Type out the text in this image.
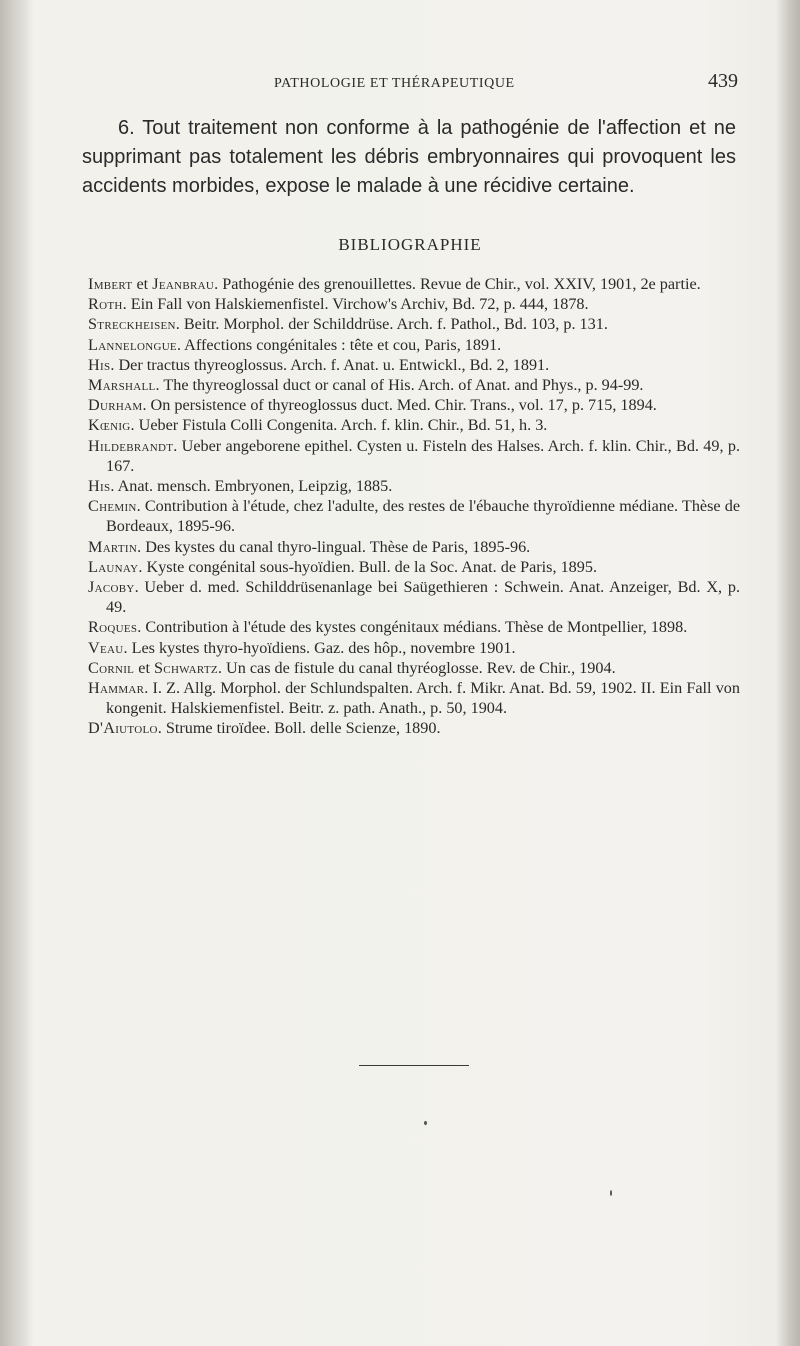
PATHOLOGIE ET THÉRAPEUTIQUE	439

6. Tout traitement non conforme à la pathogénie de l'affection et ne supprimant pas totalement les débris embryonnaires qui provoquent les accidents morbides, expose le malade à une récidive certaine.

BIBLIOGRAPHIE
Imbert et Jeanbrau. Pathogénie des grenouillettes. Revue de Chir., vol. XXIV, 1901, 2e partie.
Roth. Ein Fall von Halskiemenfistel. Virchow's Archiv, Bd. 72, p. 444, 1878.
Streckheisen. Beitr. Morphol. der Schilddrüse. Arch. f. Pathol., Bd. 103, p. 131.
Lannelongue. Affections congénitales : tête et cou, Paris, 1891.
His. Der tractus thyreoglossus. Arch. f. Anat. u. Entwickl., Bd. 2, 1891.
Marshall. The thyreoglossal duct or canal of His. Arch. of Anat. and Phys., p. 94-99.
Durham. On persistence of thyreoglossus duct. Med. Chir. Trans., vol. 17, p. 715, 1894.
Kœnig. Ueber Fistula Colli Congenita. Arch. f. klin. Chir., Bd. 51, h. 3.
Hildebrandt. Ueber angeborene epithel. Cysten u. Fisteln des Halses. Arch. f. klin. Chir., Bd. 49, p. 167.
His. Anat. mensch. Embryonen, Leipzig, 1885.
Chemin. Contribution à l'étude, chez l'adulte, des restes de l'ébauche thyroïdienne médiane. Thèse de Bordeaux, 1895-96.
Martin. Des kystes du canal thyro-lingual. Thèse de Paris, 1895-96.
Launay. Kyste congénital sous-hyoïdien. Bull. de la Soc. Anat. de Paris, 1895.
Jacoby. Ueber d. med. Schilddrüsenanlage bei Saügethieren : Schwein. Anat. Anzeiger, Bd. X, p. 49.
Roques. Contribution à l'étude des kystes congénitaux médians. Thèse de Montpellier, 1898.
Veau. Les kystes thyro-hyoïdiens. Gaz. des hôp., novembre 1901.
Cornil et Schwartz. Un cas de fistule du canal thyréoglosse. Rev. de Chir., 1904.
Hammar. I. Z. Allg. Morphol. der Schlundspalten. Arch. f. Mikr. Anat. Bd. 59, 1902. II. Ein Fall von kongenit. Halskiemenfistel. Beitr. z. path. Anath., p. 50, 1904.
D'Aiutolo. Strume tiroïdee. Boll. delle Scienze, 1890.
